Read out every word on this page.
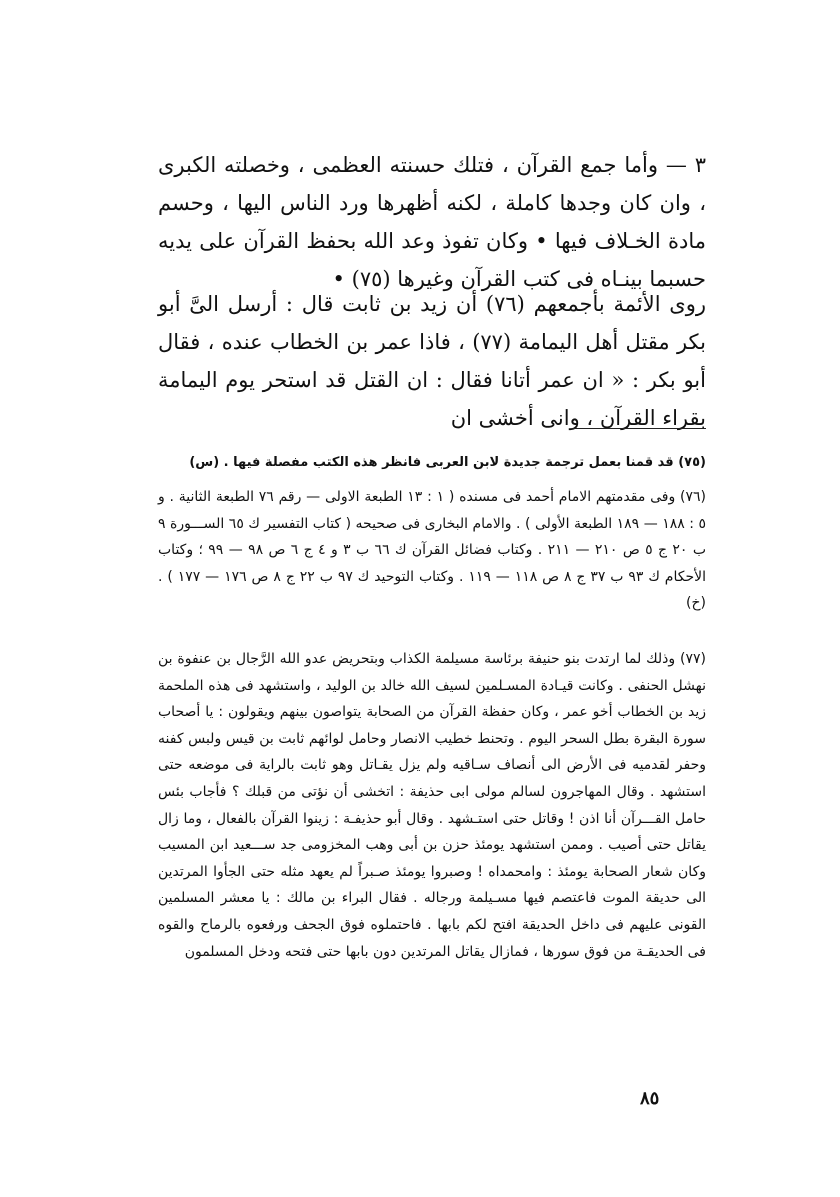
٣ — وأما جمع القرآن ، فتلك حسنته العظمى ، وخصلته الكبرى ، وان كان وجدها كاملة ، لكنه أظهرها ورد الناس اليها ، وحسم مادة الخـلاف فيها • وكان تفوذ وعد الله بحفظ القرآن على يديه حسبما بينـاه فى كتب القرآن وغيرها (٧٥) •

روى الأئمة بأجمعهم (٧٦) أن زيد بن ثابت قال : أرسل الىَّ أبو بكر مقتل أهل اليمامة (٧٧) ، فاذا عمر بن الخطاب عنده ، فقال أبو بكر : « ان عمر أتانا فقال : ان القتل قد استحر يوم اليمامة بقراء القرآن ، وانى أخشى ان

(٧٥) قد قمنا بعمل ترجمة جديدة لابن العربى فانظر هذه الكتب مفصلة فيها . (س)

(٧٦) وفى مقدمتهم الامام أحمد فى مسنده ( ١ : ١٣ الطبعة الاولى — رقم ٧٦ الطبعة الثانية . و ٥ : ١٨٨ — ١٨٩ الطبعة الأولى ) . والامام البخارى فى صحيحه ( كتاب التفسير ك ٦٥ الســـورة ٩ ب ٢٠ ج ٥ ص ٢١٠ — ٢١١ . وكتاب فضائل القرآن ك ٦٦ ب ٣ و ٤ ج ٦ ص ٩٨ — ٩٩ ؛ وكتاب الأحكام ك ٩٣ ب ٣٧ ج ٨ ص ١١٨ — ١١٩ . وكتاب التوحيد ك ٩٧ ب ٢٢ ج ٨ ص ١٧٦ — ١٧٧ ) . (خ)

(٧٧) وذلك لما ارتدت بنو حنيفة برئاسة مسيلمة الكذاب وبتحريض عدو الله الرَّجال بن عنفوة بن نهشل الحنفى . وكانت قيـادة المسـلمين لسيف الله خالد بن الوليد ، واستشهد فى هذه الملحمة زيد بن الخطاب أخو عمر ، وكان حفظة القرآن من الصحابة يتواصون بينهم ويقولون : يا أصحاب سورة البقرة بطل السحر اليوم . وتحنط خطيب الانصار وحامل لوائهم ثابت بن قيس ولبس كفنه وحفر لقدميه فى الأرض الى أنصاف سـاقيه ولم يزل يقـاتل وهو ثابت بالراية فى موضعه حتى استشهد . وقال المهاجرون لسالم مولى ابى حذيفة : اتخشى أن نؤتى من قبلك ؟ فأجاب بئس حامل القـــرآن أنا اذن ! وقاتل حتى استـشهد . وقال أبو حذيفـة : زينوا القرآن بالفعال ، وما زال يقاتل حتى أصيب . وممن استشهد يومئذ حزن بن أبى وهب المخزومى جد ســـعيد ابن المسيب وكان شعار الصحابة يومئذ : وامحمداه ! وصبروا يومئذ صـبراً لم يعهد مثله حتى الجأوا المرتدين الى حديقة الموت فاعتصم فيها مسـيلمة ورجاله . فقال البراء بن مالك : يا معشر المسلمين القونى عليهم فى داخل الحديقة افتح لكم بابها . فاحتملوه فوق الجحف ورفعوه بالرماح والقوه فى الحديقـة من فوق سورها ، فمازال يقاتل المرتدين دون بابها حتى فتحه ودخل المسلمون

٨٥
